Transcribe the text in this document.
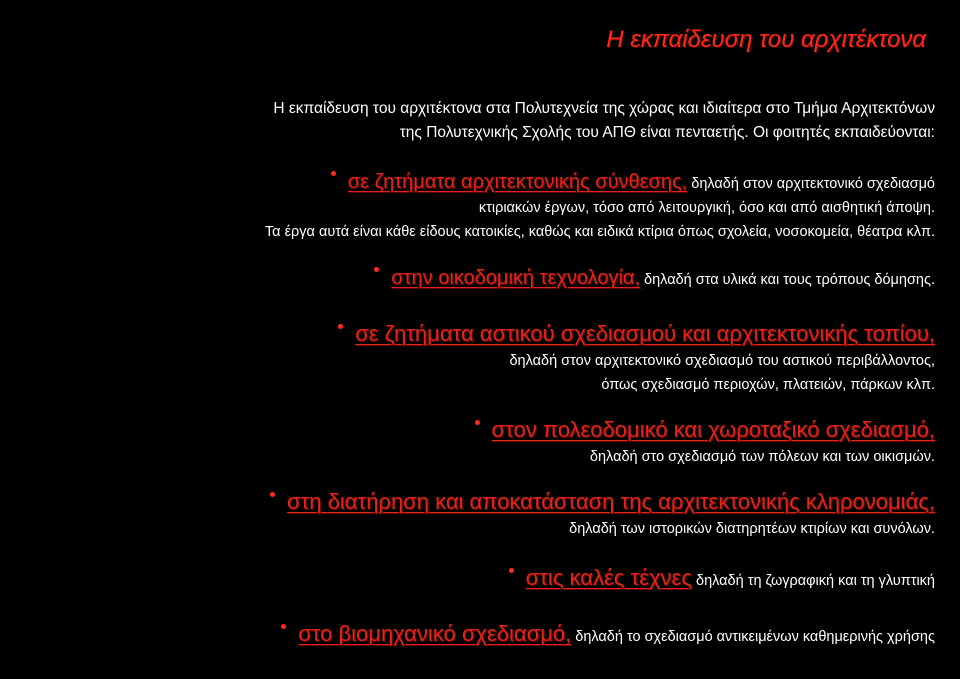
Η εκπαίδευση του αρχιτέκτονα
Η εκπαίδευση του αρχιτέκτονα στα Πολυτεχνεία της χώρας και ιδιαίτερα στο Τμήμα Αρχιτεκτόνων
της Πολυτεχνικής Σχολής του ΑΠΘ είναι πενταετής. Οι φοιτητές εκπαιδεύονται:
σε ζητήματα αρχιτεκτονικής σύνθεσης, δηλαδή στον αρχιτεκτονικό σχεδιασμό
κτιριακών έργων, τόσο από λειτουργική, όσο και από αισθητική άποψη.
Τα έργα αυτά είναι κάθε είδους κατοικίες, καθώς και ειδικά κτίρια όπως σχολεία, νοσοκομεία, θέατρα κλπ.
στην οικοδομική τεχνολογία, δηλαδή στα υλικά και τους τρόπους δόμησης.
σε ζητήματα αστικού σχεδιασμού και αρχιτεκτονικής τοπίου,
δηλαδή στον αρχιτεκτονικό σχεδιασμό του αστικού περιβάλλοντος,
όπως σχεδιασμό περιοχών, πλατειών, πάρκων κλπ.
στον πολεοδομικό και χωροταξικό σχεδιασμό,
δηλαδή στο σχεδιασμό των πόλεων και των οικισμών.
στη διατήρηση και αποκατάσταση της αρχιτεκτονικής κληρονομιάς,
δηλαδή των ιστορικών διατηρητέων κτιρίων και συνόλων.
στις καλές τέχνες δηλαδή τη ζωγραφική και τη γλυπτική
στο βιομηχανικό σχεδιασμό, δηλαδή το σχεδιασμό αντικειμένων καθημερινής χρήσης
